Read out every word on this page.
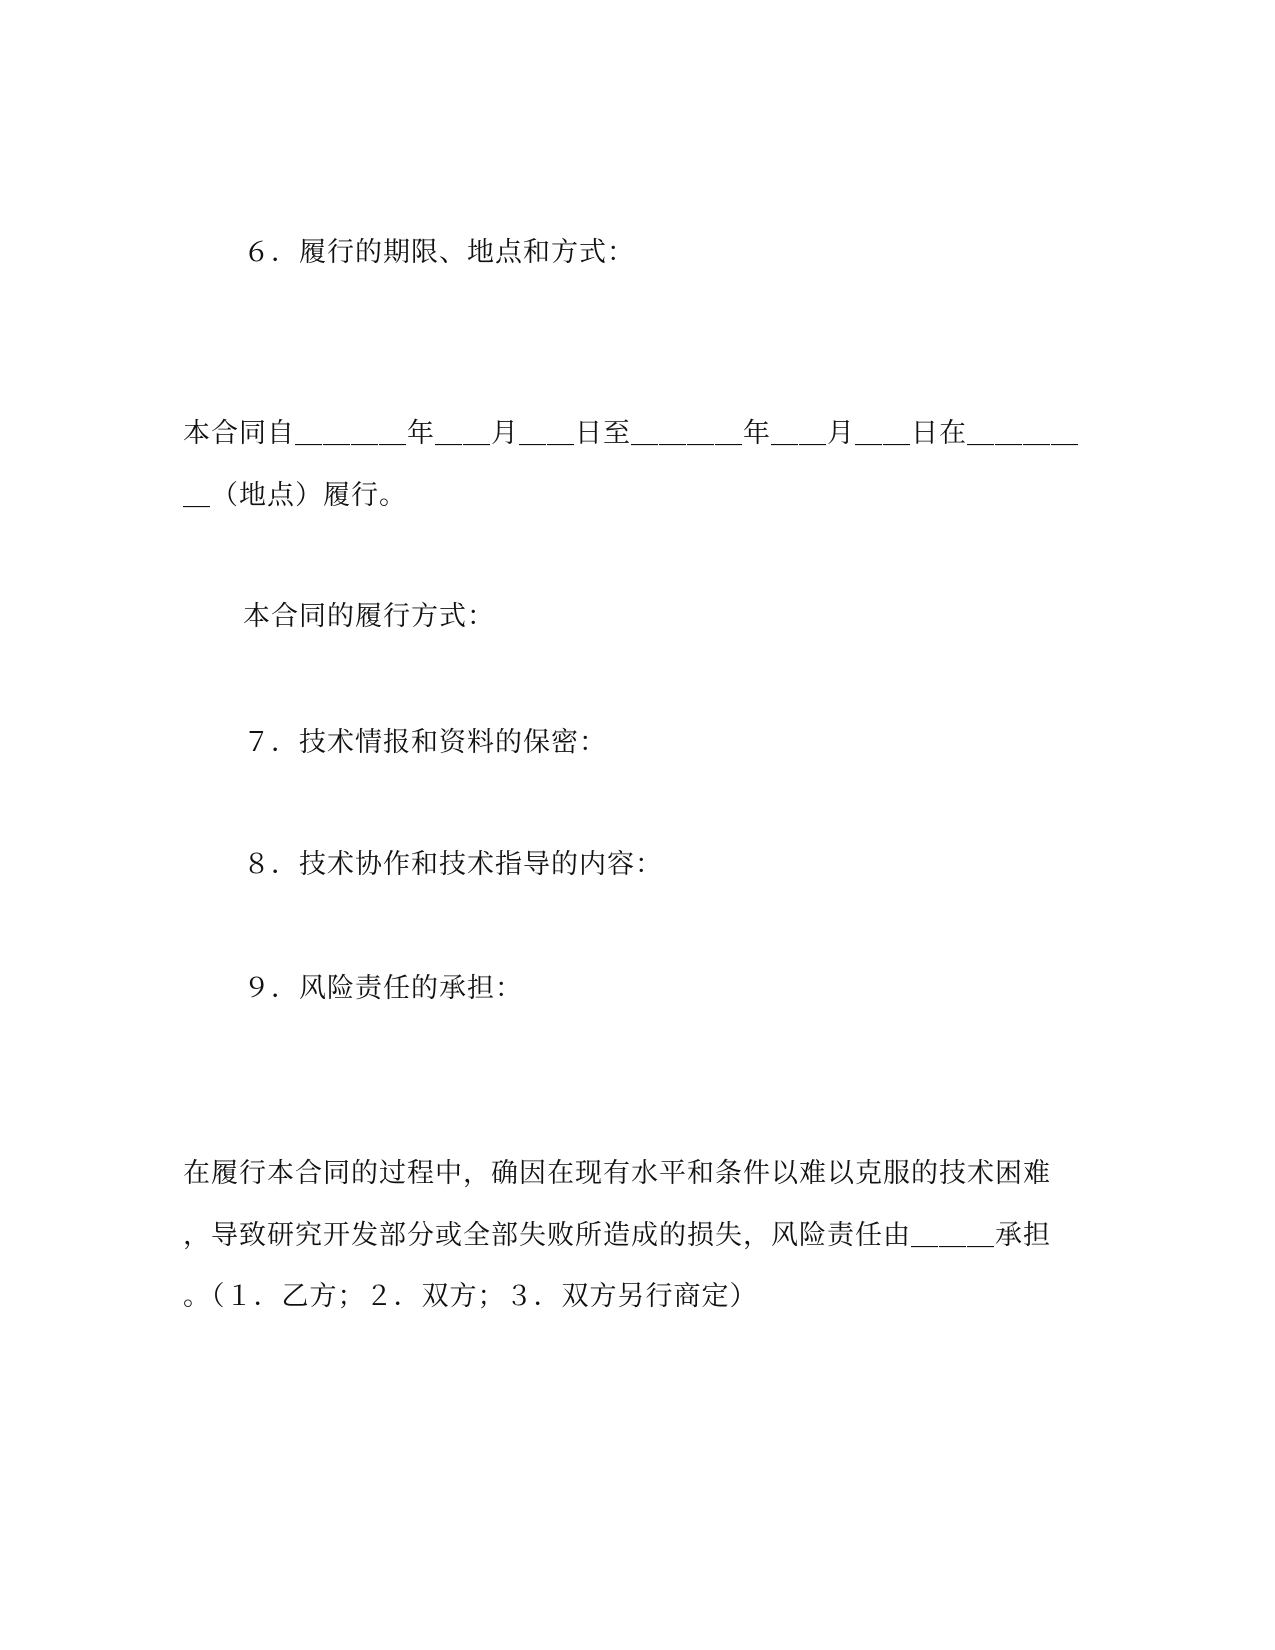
６．履行的期限、地点和方式：
本合同自＿＿＿＿年＿＿月＿＿日至＿＿＿＿年＿＿月＿＿日在＿＿＿＿
＿（地点）履行。
本合同的履行方式：
７．技术情报和资料的保密：
８．技术协作和技术指导的内容：
９．风险责任的承担：
在履行本合同的过程中，确因在现有水平和条件以难以克服的技术困难
，导致研究开发部分或全部失败所造成的损失，风险责任由＿＿＿承担
。（１．乙方；２．双方；３．双方另行商定）
